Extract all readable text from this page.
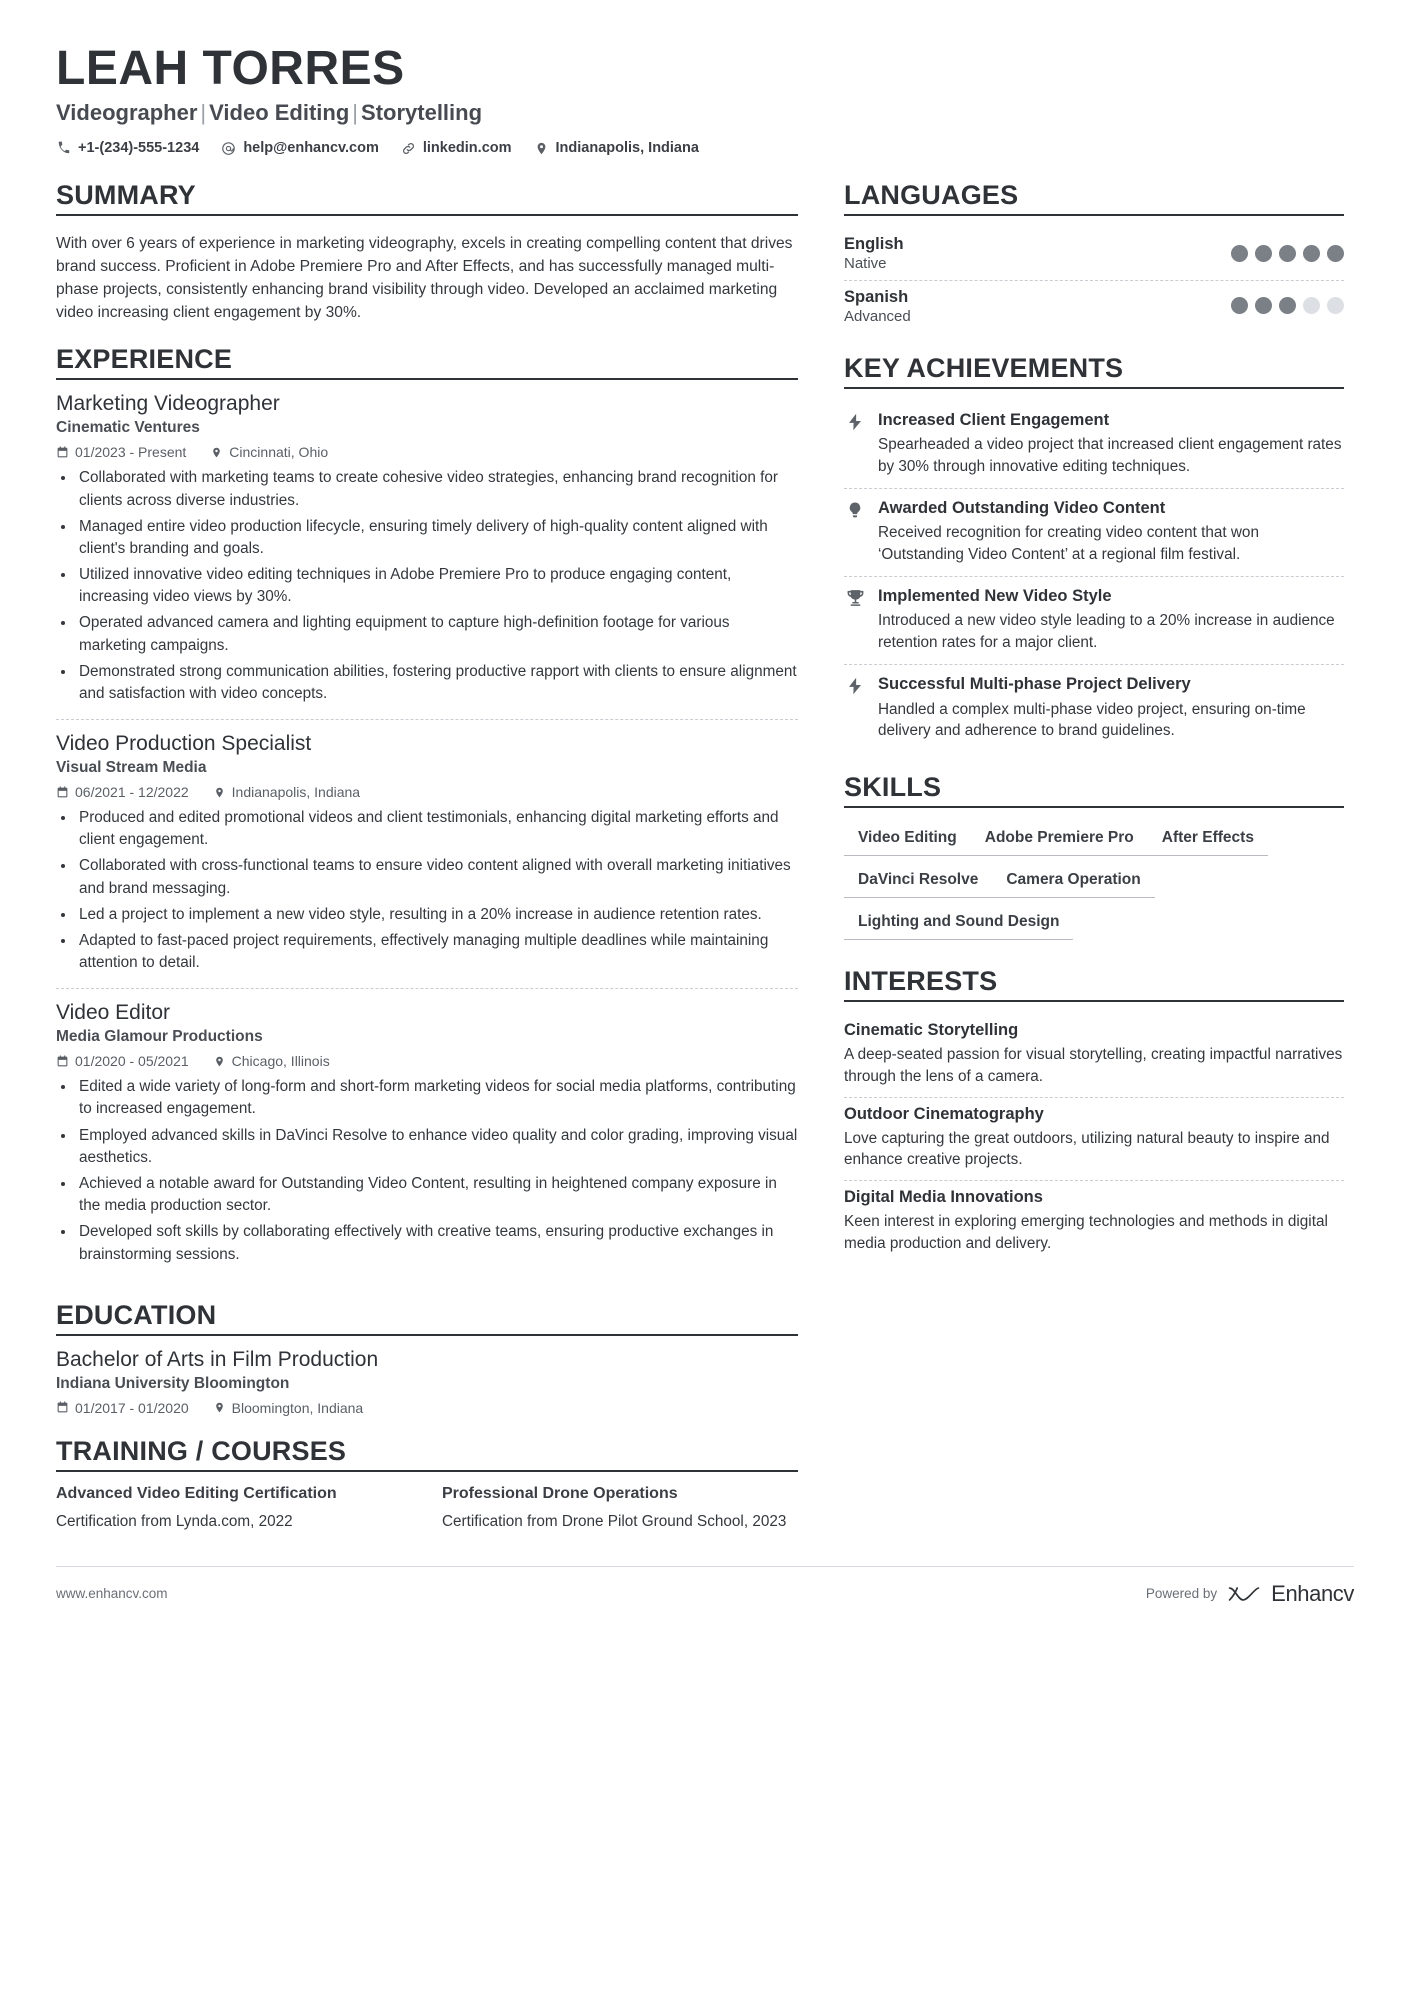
LEAH TORRES
Videographer | Video Editing | Storytelling
+1-(234)-555-1234	help@enhancv.com	linkedin.com	Indianapolis, Indiana
SUMMARY

With over 6 years of experience in marketing videography, excels in creating compelling content that drives brand success. Proficient in Adobe Premiere Pro and After Effects, and has successfully managed multi-phase projects, consistently enhancing brand visibility through video. Developed an acclaimed marketing video increasing client engagement by 30%.

EXPERIENCE
Marketing Videographer
Cinematic Ventures
01/2023 - Present	Cincinnati, Ohio
• Collaborated with marketing teams to create cohesive video strategies, enhancing brand recognition for clients across diverse industries.
• Managed entire video production lifecycle, ensuring timely delivery of high-quality content aligned with client's branding and goals.
• Utilized innovative video editing techniques in Adobe Premiere Pro to produce engaging content, increasing video views by 30%.
• Operated advanced camera and lighting equipment to capture high-definition footage for various marketing campaigns.
• Demonstrated strong communication abilities, fostering productive rapport with clients to ensure alignment and satisfaction with video concepts.
Video Production Specialist
Visual Stream Media
06/2021 - 12/2022	Indianapolis, Indiana
• Produced and edited promotional videos and client testimonials, enhancing digital marketing efforts and client engagement.
• Collaborated with cross-functional teams to ensure video content aligned with overall marketing initiatives and brand messaging.
• Led a project to implement a new video style, resulting in a 20% increase in audience retention rates.
• Adapted to fast-paced project requirements, effectively managing multiple deadlines while maintaining attention to detail.
Video Editor
Media Glamour Productions
01/2020 - 05/2021	Chicago, Illinois
• Edited a wide variety of long-form and short-form marketing videos for social media platforms, contributing to increased engagement.
• Employed advanced skills in DaVinci Resolve to enhance video quality and color grading, improving visual aesthetics.
• Achieved a notable award for Outstanding Video Content, resulting in heightened company exposure in the media production sector.
• Developed soft skills by collaborating effectively with creative teams, ensuring productive exchanges in brainstorming sessions.
EDUCATION
Bachelor of Arts in Film Production
Indiana University Bloomington
01/2017 - 01/2020	Bloomington, Indiana
TRAINING / COURSES
Advanced Video Editing Certification
Certification from Lynda.com, 2022
Professional Drone Operations
Certification from Drone Pilot Ground School, 2023
LANGUAGES
English
Native
Spanish
Advanced
KEY ACHIEVEMENTS
Increased Client Engagement
Spearheaded a video project that increased client engagement rates by 30% through innovative editing techniques.
Awarded Outstanding Video Content
Received recognition for creating video content that won ‘Outstanding Video Content’ at a regional film festival.
Implemented New Video Style
Introduced a new video style leading to a 20% increase in audience retention rates for a major client.
Successful Multi-phase Project Delivery
Handled a complex multi-phase video project, ensuring on-time delivery and adherence to brand guidelines.
SKILLS
Video Editing	Adobe Premiere Pro	After Effects
DaVinci Resolve	Camera Operation
Lighting and Sound Design
INTERESTS
Cinematic Storytelling
A deep-seated passion for visual storytelling, creating impactful narratives through the lens of a camera.
Outdoor Cinematography
Love capturing the great outdoors, utilizing natural beauty to inspire and enhance creative projects.
Digital Media Innovations
Keen interest in exploring emerging technologies and methods in digital media production and delivery.
www.enhancv.com	Powered by Enhancv
